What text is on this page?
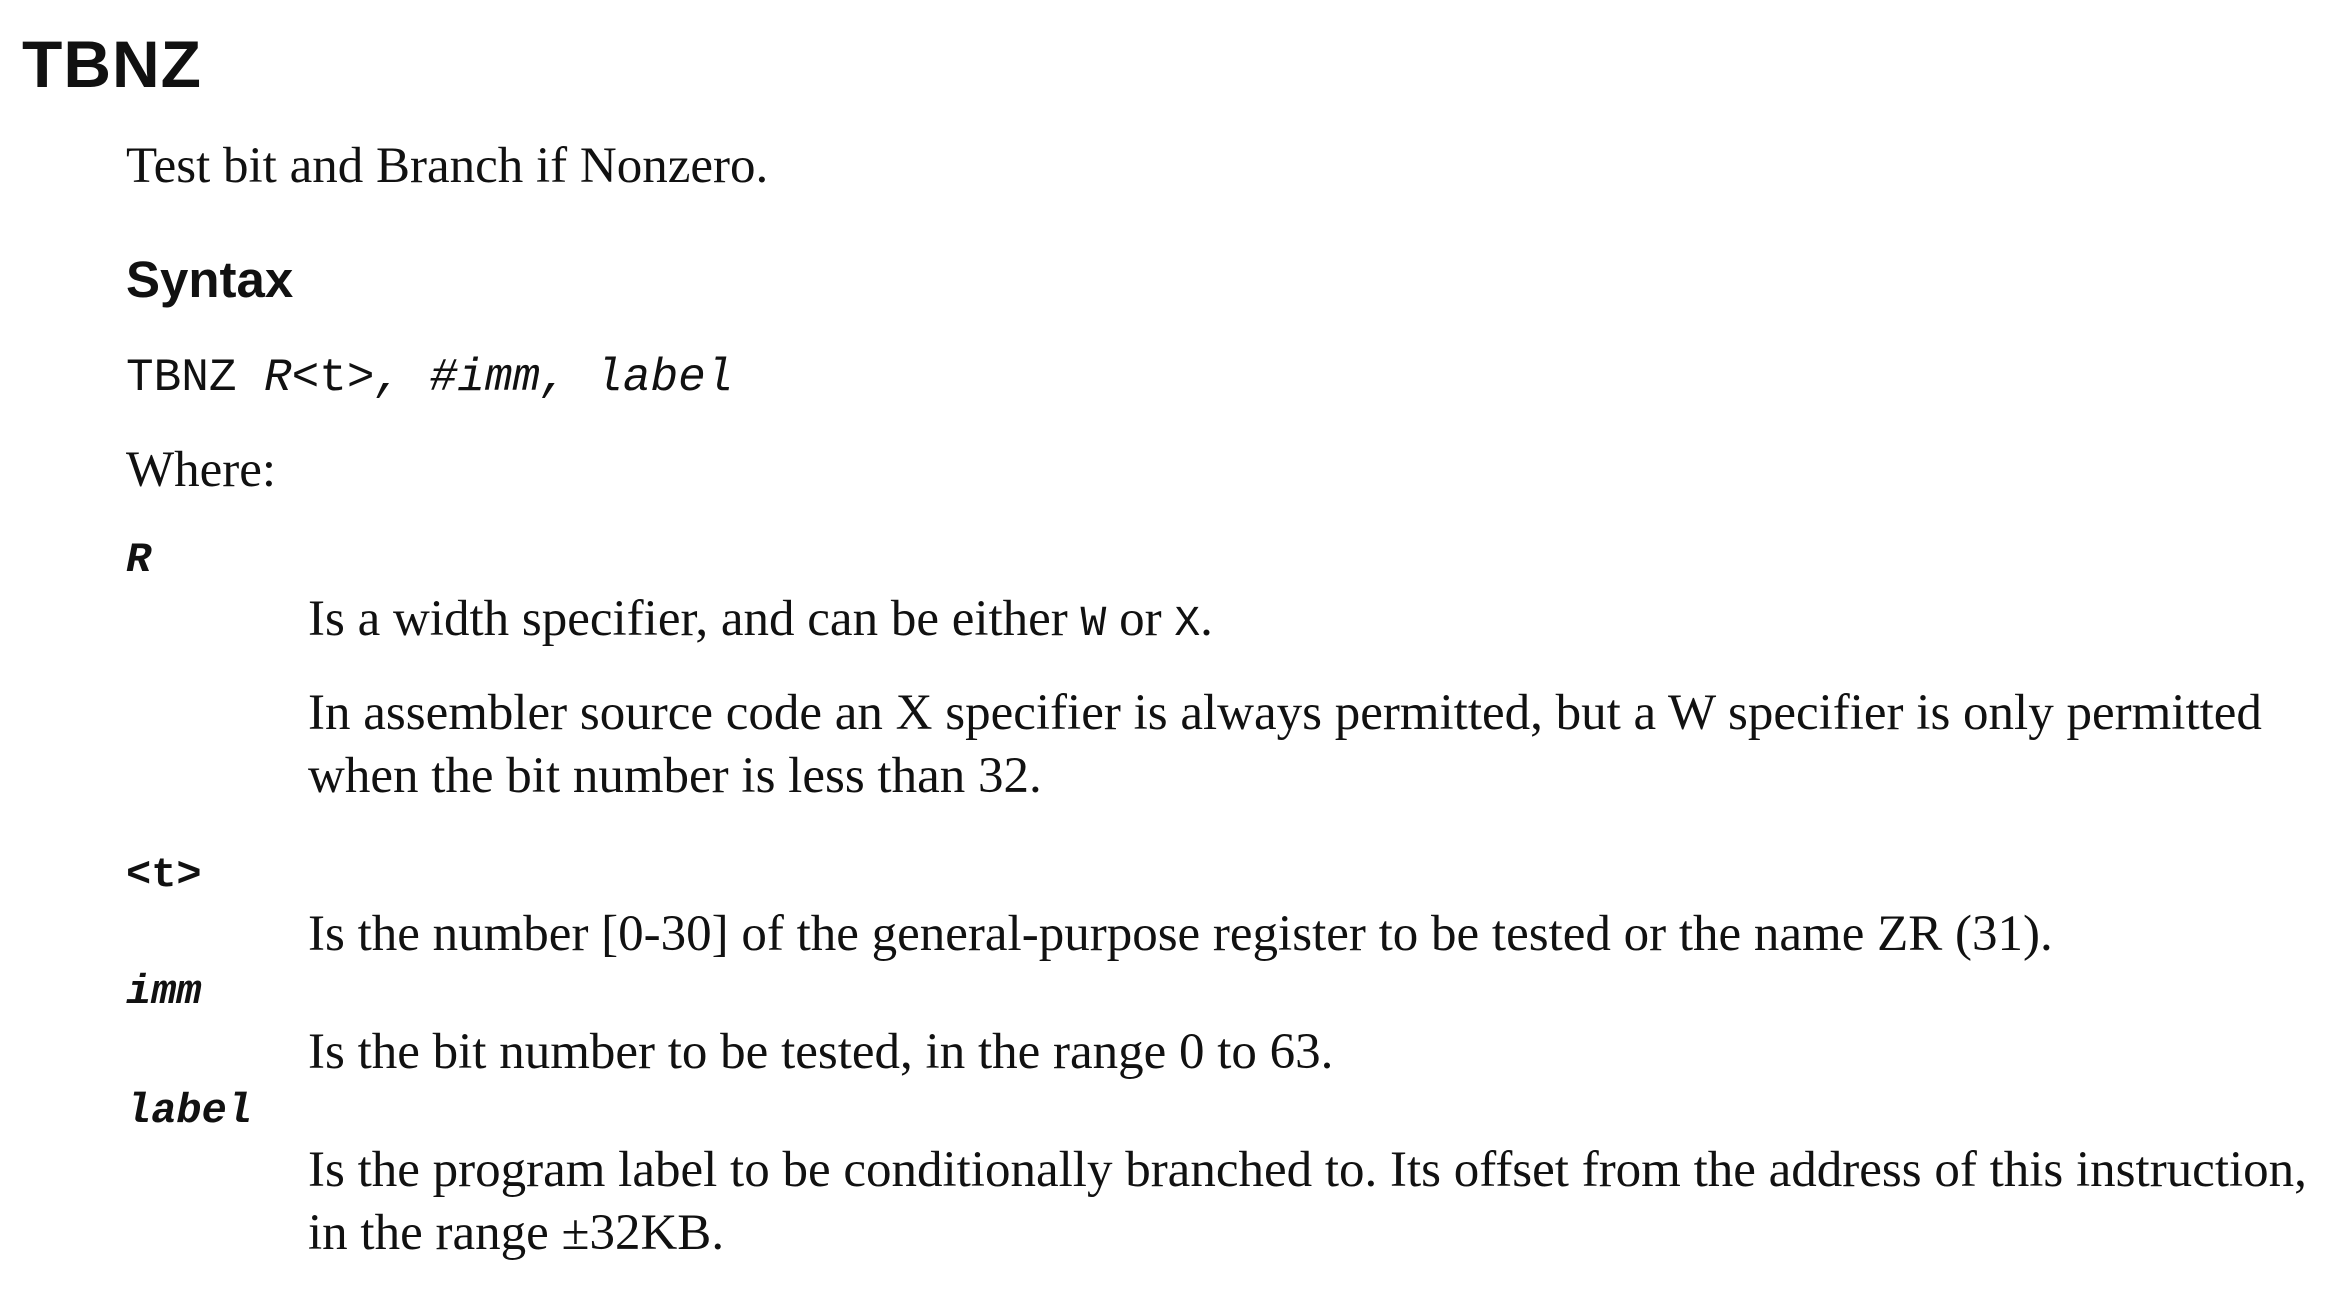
TBNZ

Test bit and Branch if Nonzero.

Syntax

TBNZ R<t>, #imm, label

Where:

R

Is a width specifier, and can be either W or X.

In assembler source code an X specifier is always permitted, but a W specifier is only permitted when the bit number is less than 32.

<t>

Is the number [0-30] of the general-purpose register to be tested or the name ZR (31).

imm

Is the bit number to be tested, in the range 0 to 63.

label

Is the program label to be conditionally branched to. Its offset from the address of this instruction, in the range ±32KB.
